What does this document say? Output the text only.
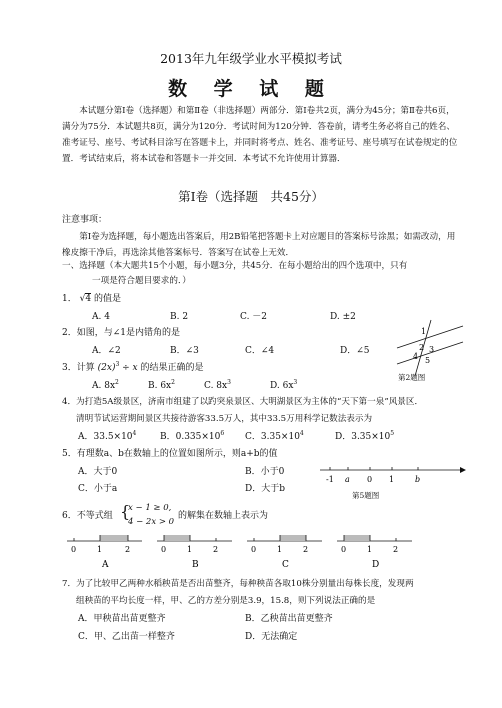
2013年九年级学业水平模拟考试
数 学 试 题
本试题分第Ⅰ卷（选择题）和第Ⅱ卷（非选择题）两部分．第Ⅰ卷共2页，满分为45分；第Ⅱ卷共6页，满分为75分．本试题共8页，满分为120分．考试时间为120分钟．答卷前，请考生务必将自己的姓名、准考证号、座号、考试科目涂写在答题卡上，并同时将考点、姓名、准考证号、座号填写在试卷规定的位置．考试结束后，将本试卷和答题卡一并交回．本考试不允许使用计算器．
第Ⅰ卷（选择题　共45分）
注意事项：
第Ⅰ卷为选择题，每小题选出答案后，用2B铅笔把答题卡上对应题目的答案标号涂黑；如需改动，用橡皮擦干净后，再选涂其他答案标号．答案写在试卷上无效．
一、选择题（本大题共15个小题，每小题3分，共45分．在每小题给出的四个选项中，只有
一项是符合题目要求的．）
1． √4 的值是
A. 4	B. 2	C. －2	D. ±2
2．如图，与∠1是内错角的是
A．∠2	B．∠3	C．∠4	D．∠5
1
2 3
4 5
第2题图
3．计算 $(2x)^3 \div x$ 的结果正确的是
A. $8x^2$	B. $6x^2$	C. $8x^3$	D. $6x^3$
4．为打造5A级景区，济南市组建了以趵突泉景区、大明湖景区为主体的“天下第一泉”风景区．
清明节试运营期间景区共接待游客33.5万人，其中33.5万用科学记数法表示为
A．$33.5\times 10^4$	B．$0.335\times 10^6$ C．$3.35\times 10^4$	D．$3.35\times 10^5$
5．有理数a、b在数轴上的位置如图所示，则a+b的值
A．大于0	B．小于0
C．小于a	D．大于b
-1 a 0 1	b
第5题图
6．不等式组 {
x − 1 ≥ 0,
4 − 2x > 0
的解集在数轴上表示为
0	1	2
A
0	1	2
B
0	1	2
C
0	1	2
D
7．为了比较甲乙两种水稻秧苗是否出苗整齐，每种秧苗各取10株分别量出每株长度，发现两
组秧苗的平均长度一样，甲、乙的方差分别是3.9，15.8，则下列说法正确的是
A．甲秧苗出苗更整齐	B．乙秧苗出苗更整齐
C．甲、乙出苗一样整齐	D．无法确定
